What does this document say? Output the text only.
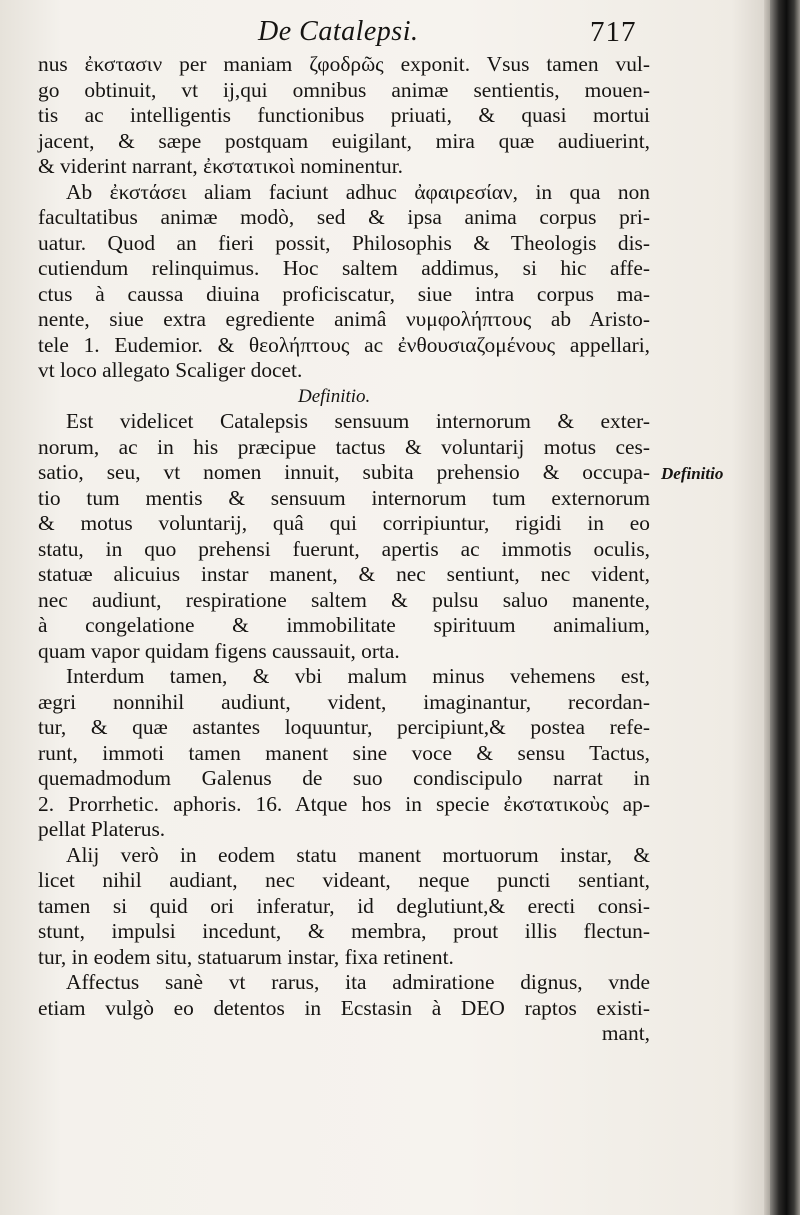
De Catalepsi.	717
nus ἐκστασιν per maniam ζφοδρῶς exponit. Vsus tamen vul-
go obtinuit, vt ij,qui omnibus animæ sentientis, mouen-
tis ac intelligentis functionibus priuati, & quasi mortui
jacent, & sæpe postquam euigilant, mira quæ audiuerint,
& viderint narrant, ἐκστατικοὶ nominentur.
Ab ἐκστάσει aliam faciunt adhuc ἀφαιρεσίαν, in qua non
facultatibus animæ modò, sed & ipsa anima corpus pri-
uatur. Quod an fieri possit, Philosophis & Theologis dis-
cutiendum relinquimus. Hoc saltem addimus, si hic affe-
ctus à caussa diuina proficiscatur, siue intra corpus ma-
nente, siue extra egrediente animâ νυμφολήπτους ab Aristo-
tele 1. Eudemior. & θεολήπτους ac ἐνθουσιαζομένους appellari,
vt loco allegato Scaliger docet.
Definitio.
Est videlicet Catalepsis sensuum internorum & exter-
norum, ac in his præcipue tactus & voluntarij motus ces-
satio, seu, vt nomen innuit, subita prehensio & occupa-
tio tum mentis & sensuum internorum tum externorum
& motus voluntarij, quâ qui corripiuntur, rigidi in eo
statu, in quo prehensi fuerunt, apertis ac immotis oculis,
statuæ alicuius instar manent, & nec sentiunt, nec vident,
nec audiunt, respiratione saltem & pulsu saluo manente,
à congelatione & immobilitate spirituum animalium,
quam vapor quidam figens caussauit, orta.
Interdum tamen, & vbi malum minus vehemens est,
ægri nonnihil audiunt, vident, imaginantur, recordan-
tur, & quæ astantes loquuntur, percipiunt,& postea refe-
runt, immoti tamen manent sine voce & sensu Tactus,
quemadmodum Galenus de suo condiscipulo narrat in
2. Prorrhetic. aphoris. 16. Atque hos in specie ἐκστατικοὺς ap-
pellat Platerus.
Alij verò in eodem statu manent mortuorum instar, &
licet nihil audiant, nec videant, neque puncti sentiant,
tamen si quid ori inferatur, id deglutiunt,& erecti consi-
stunt, impulsi incedunt, & membra, prout illis flectun-
tur, in eodem situ, statuarum instar, fixa retinent.
Affectus sanè vt rarus, ita admiratione dignus, vnde
etiam vulgò eo detentos in Ecstasin à DEO raptos existi-
mant,
Definitio
